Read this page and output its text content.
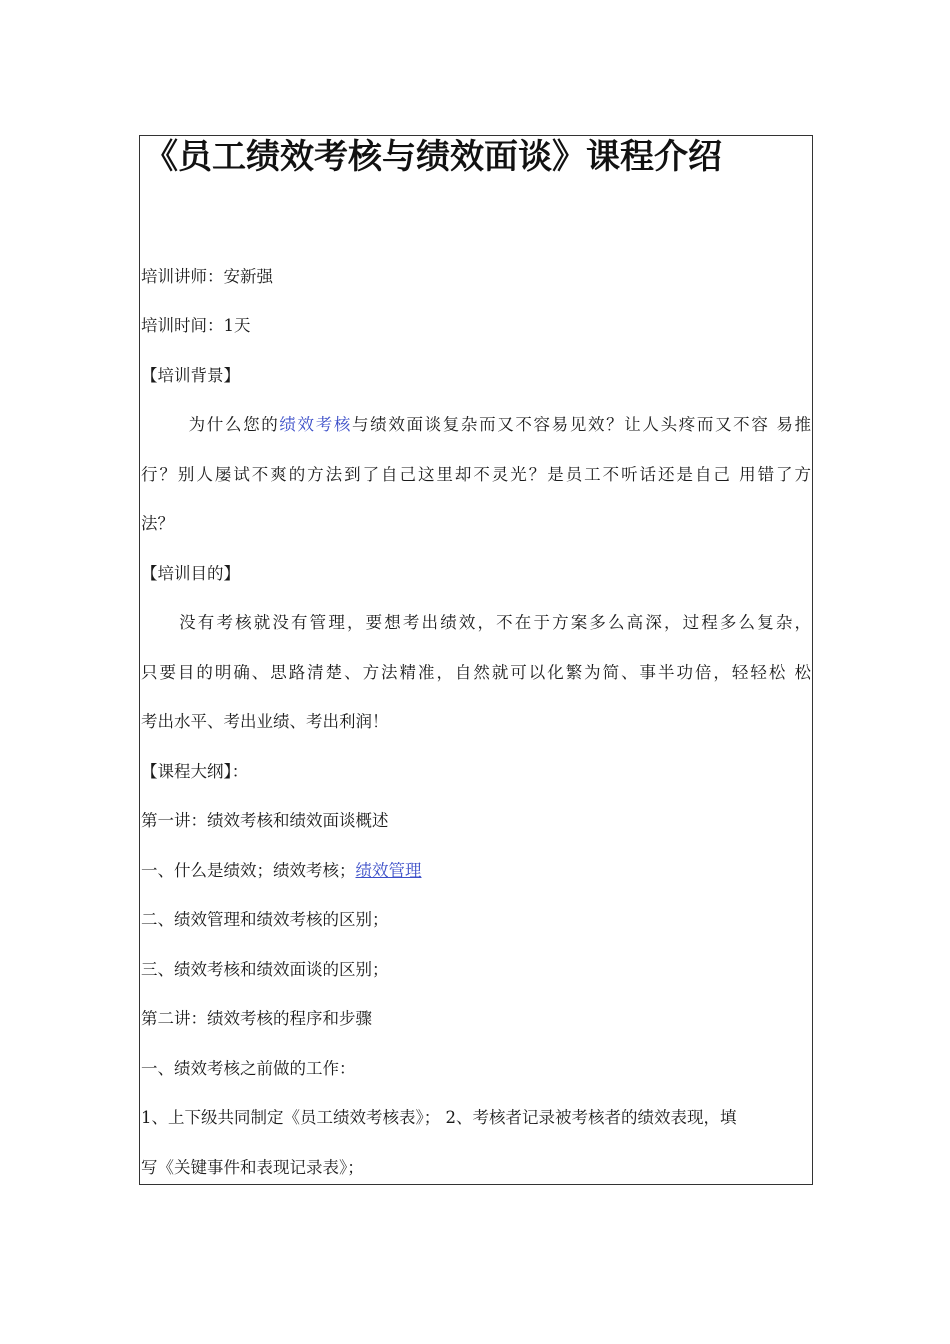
《员工绩效考核与绩效面谈》课程介绍
培训讲师：安新强
培训时间：1天
【培训背景】
为什么您的绩效考核与绩效面谈复杂而又不容易见效？让人头疼而又不容 易推
行？别人屡试不爽的方法到了自己这里却不灵光？是员工不听话还是自己 用错了方
法？
【培训目的】
没有考核就没有管理，要想考出绩效，不在于方案多么高深，过程多么复杂，
只要目的明确、思路清楚、方法精准，自然就可以化繁为简、事半功倍，轻轻松 松
考出水平、考出业绩、考出利润！
【课程大纲】：
第一讲：绩效考核和绩效面谈概述
一、什么是绩效；绩效考核；绩效管理
二、绩效管理和绩效考核的区别；
三、绩效考核和绩效面谈的区别；
第二讲：绩效考核的程序和步骤
一、绩效考核之前做的工作：
1、上下级共同制定《员工绩效考核表》； 2、考核者记录被考核者的绩效表现，填
写《关键事件和表现记录表》；
